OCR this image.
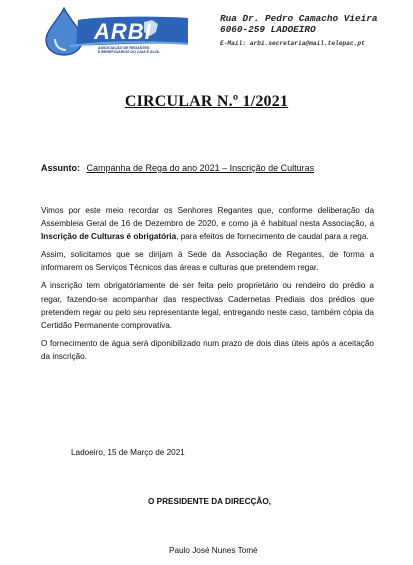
ARBI
ASSOCIAÇÃO DE REGANTES
E BENEFICIÁRIOS DO CAIA E ALVA
Rua Dr. Pedro Camacho Vieira
6060-259 LADOEIRO
E-Mail: arbi.secretaria@mail.telepac.pt
CIRCULAR N.º 1/2021
Assunto: Campanha de Rega do ano 2021 – Inscrição de Culturas

Vimos por este meio recordar os Senhores Regantes que, conforme deliberação da Assembleia Geral de 16 de Dezembro de 2020, e como já é habitual nesta Associação, a Inscrição de Culturas é obrigatória, para efeitos de fornecimento de caudal para a rega.

Assim, solicitamos que se dirijam à Sede da Associação de Regantes, de forma a informarem os Serviços Técnicos das áreas e culturas que pretendem regar.

A inscrição tem obrigatóriamente de ser feita pelo proprietário ou rendeiro do prédio a regar, fazendo-se acompanhar das respectivas Cadernetas Prediais dos prédios que pretendem regar ou pelo seu representante legal, entregando neste caso, também cópia da Certidão Permanente comprovativa.

O fornecimento de água será diponibilizado num prazo de dois dias úteis após a aceitação da inscrição.

Ladoeiro, 15 de Março de 2021
O PRESIDENTE DA DIRECÇÃO,
Paulo José Nunes Tomé
